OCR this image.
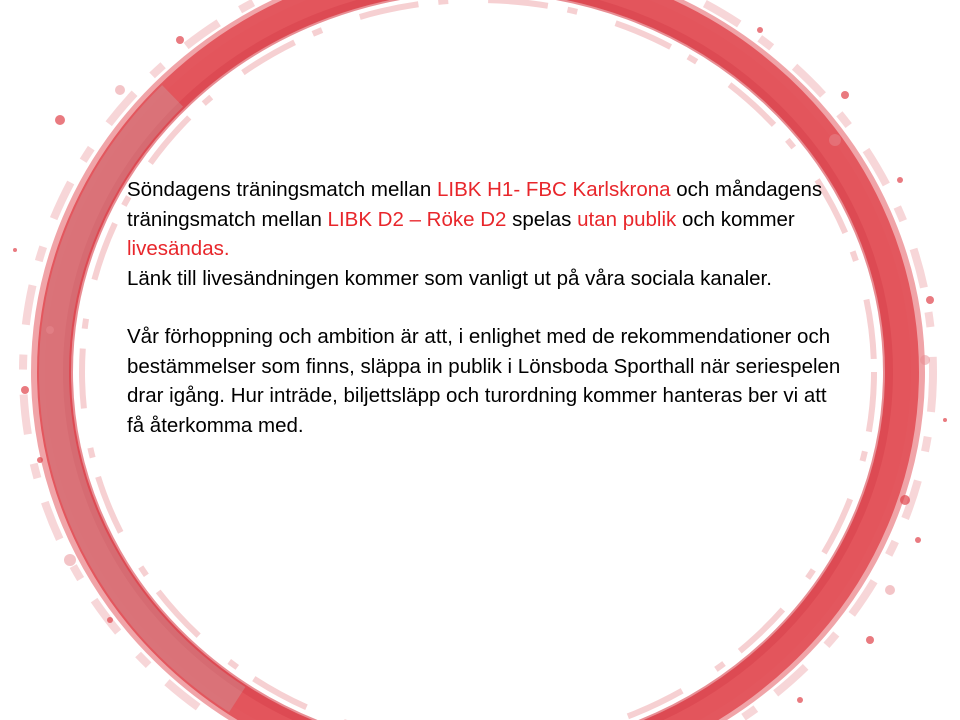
Söndagens träningsmatch mellan LIBK H1- FBC Karlskrona och måndagens träningsmatch mellan LIBK D2 – Röke D2 spelas utan publik och kommer livesändas.

Länk till livesändningen kommer som vanligt ut på våra sociala kanaler.

Vår förhoppning och ambition är att, i enlighet med de rekommendationer och bestämmelser som finns, släppa in publik i Lönsboda Sporthall när seriespelen drar igång. Hur inträde, biljettsläpp och turordning kommer hanteras ber vi att få återkomma med.
